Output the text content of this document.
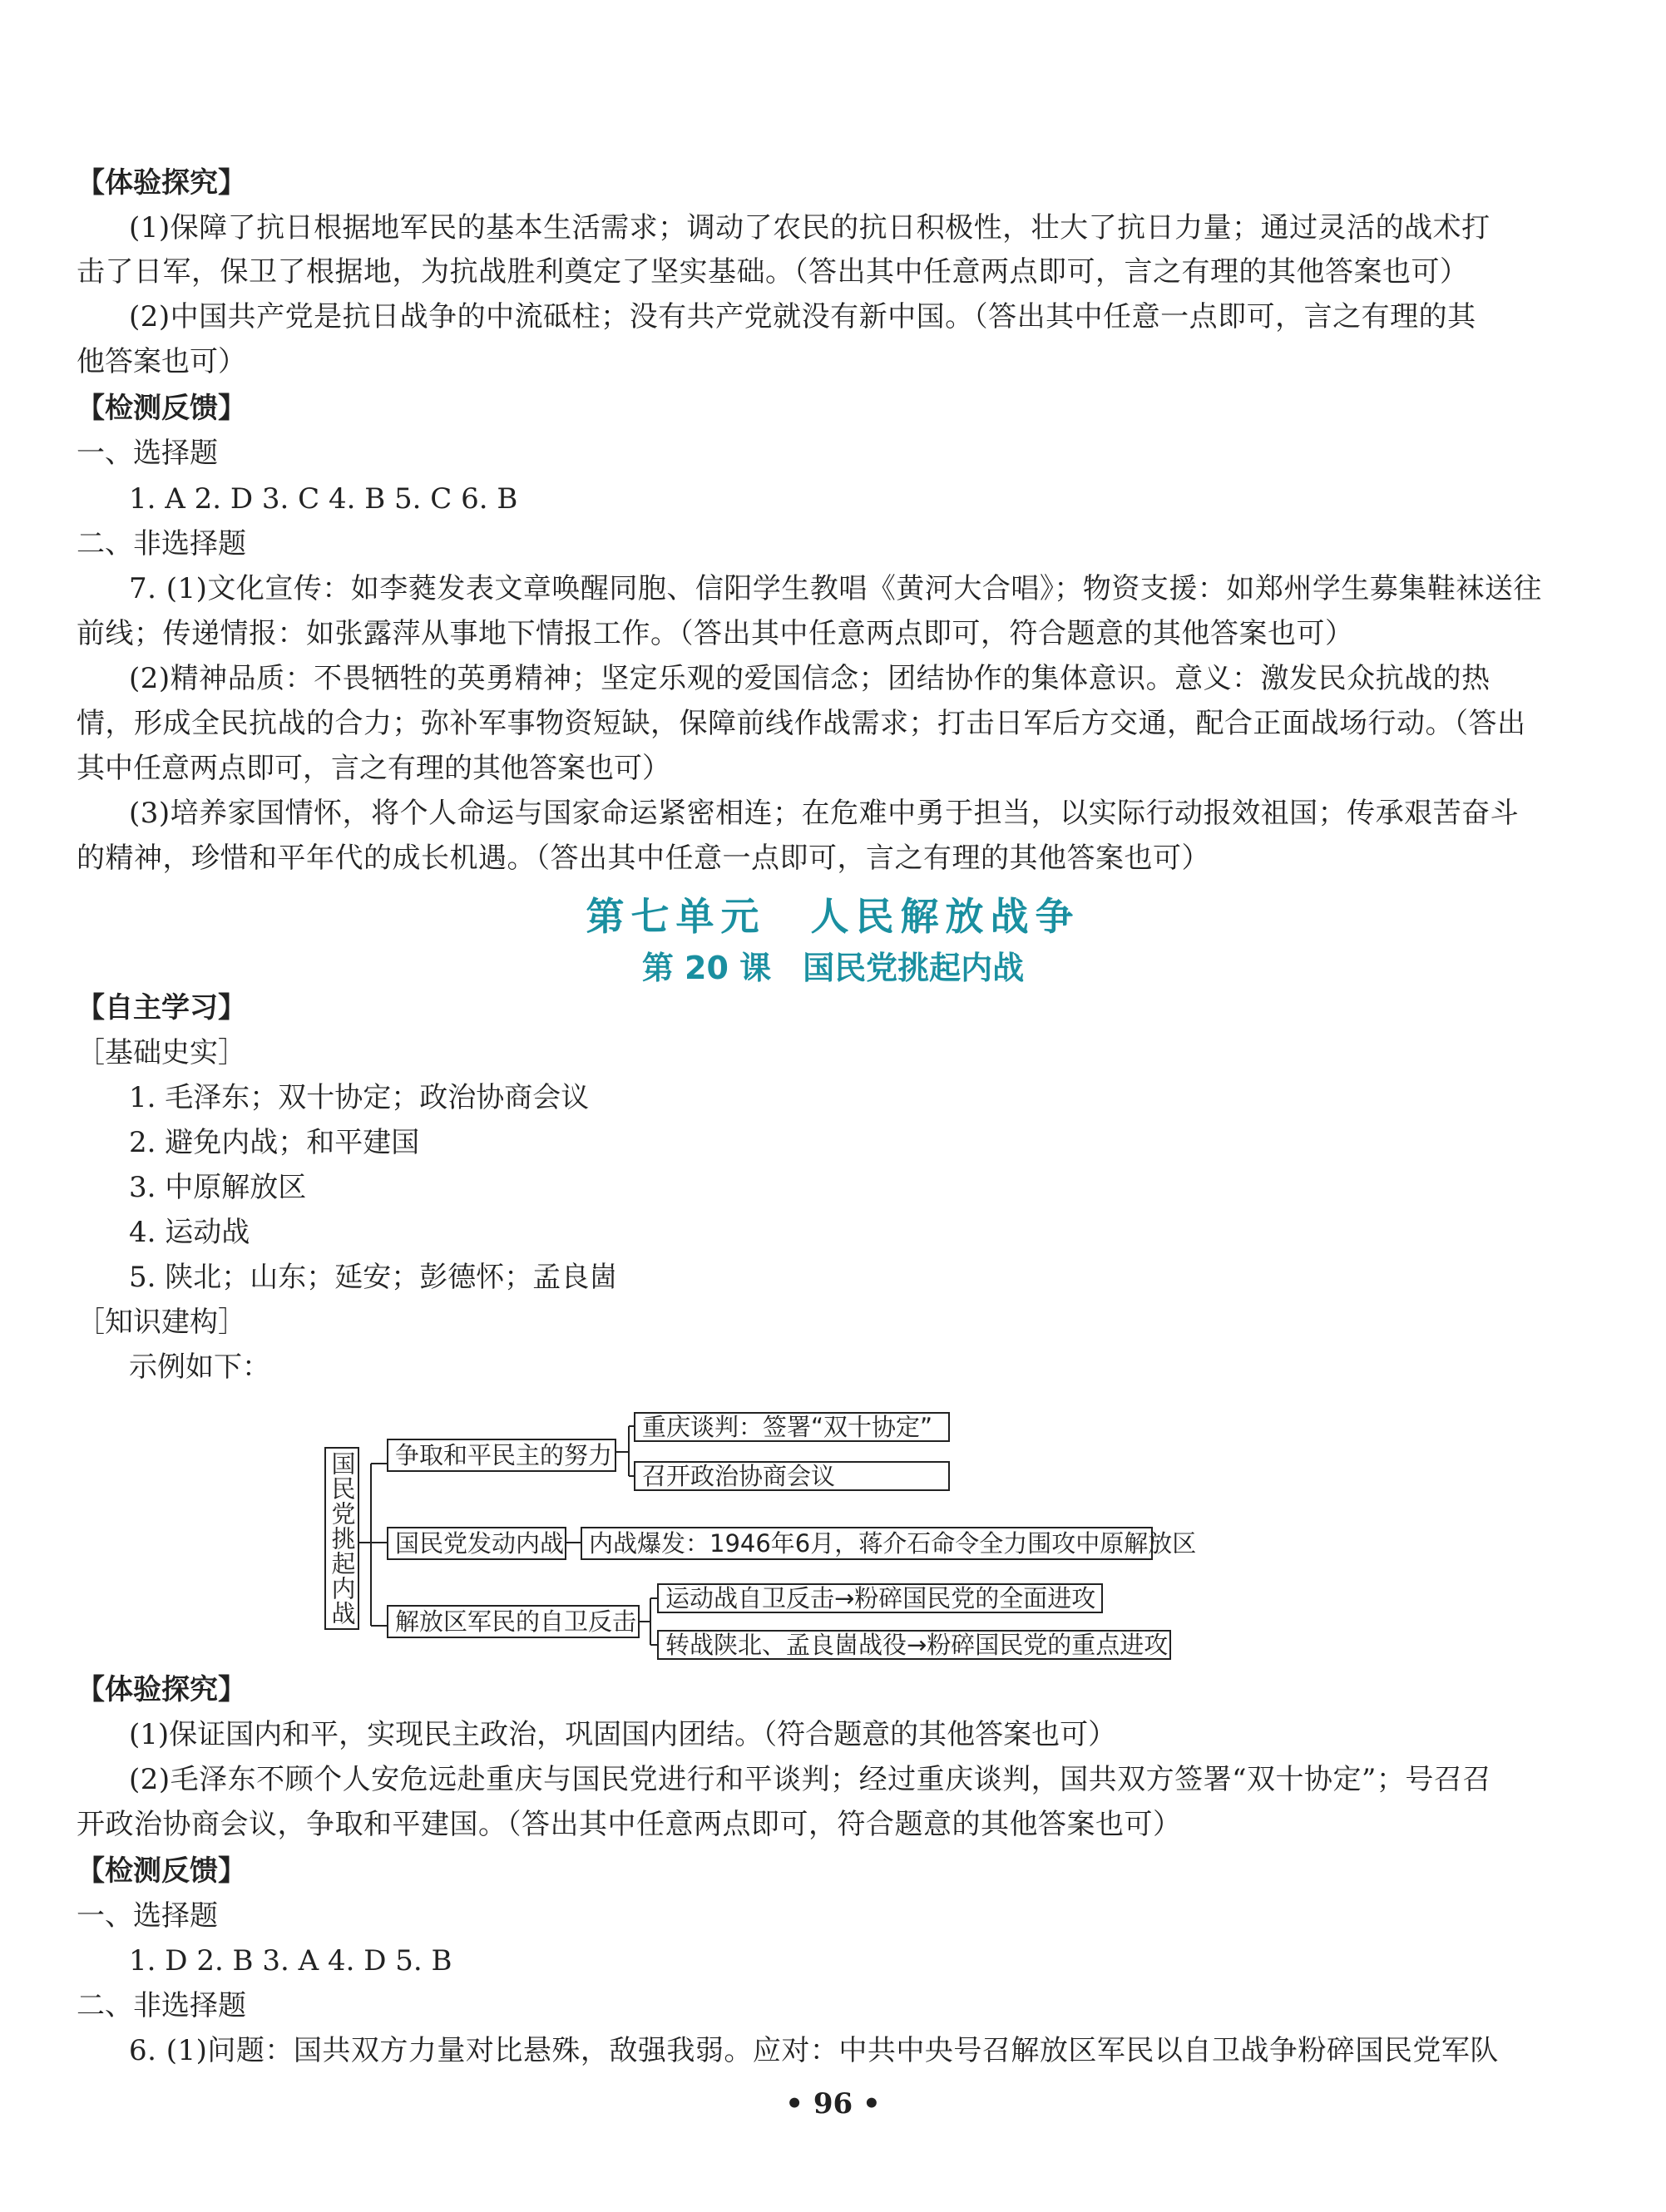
【体验探究】
(1)保障了抗日根据地军民的基本生活需求；调动了农民的抗日积极性，壮大了抗日力量；通过灵活的战术打
击了日军，保卫了根据地，为抗战胜利奠定了坚实基础。（答出其中任意两点即可，言之有理的其他答案也可）
(2)中国共产党是抗日战争的中流砥柱；没有共产党就没有新中国。（答出其中任意一点即可，言之有理的其
他答案也可）
【检测反馈】
一、选择题
1. A 2. D 3. C 4. B 5. C 6. B
二、非选择题
7. (1)文化宣传：如李蕤发表文章唤醒同胞、信阳学生教唱《黄河大合唱》；物资支援：如郑州学生募集鞋袜送往
前线；传递情报：如张露萍从事地下情报工作。（答出其中任意两点即可，符合题意的其他答案也可）
(2)精神品质：不畏牺牲的英勇精神；坚定乐观的爱国信念；团结协作的集体意识。意义：激发民众抗战的热
情，形成全民抗战的合力；弥补军事物资短缺，保障前线作战需求；打击日军后方交通，配合正面战场行动。（答出
其中任意两点即可，言之有理的其他答案也可）
(3)培养家国情怀，将个人命运与国家命运紧密相连；在危难中勇于担当，以实际行动报效祖国；传承艰苦奋斗
的精神，珍惜和平年代的成长机遇。（答出其中任意一点即可，言之有理的其他答案也可）
第七单元　人民解放战争
第 20 课　国民党挑起内战
【自主学习】
［基础史实］
1. 毛泽东；双十协定；政治协商会议
2. 避免内战；和平建国
3. 中原解放区
4. 运动战
5. 陕北；山东；延安；彭德怀；孟良崮
［知识建构］
示例如下：
国民党挑起内战	争取和平民主的努力
重庆谈判：签署“双十协定”
召开政治协商会议
国民党发动内战	内战爆发：1946年6月，蒋介石命令全力围攻中原解放区
解放区军民的自卫反击
运动战自卫反击→粉碎国民党的全面进攻
转战陕北、孟良崮战役→粉碎国民党的重点进攻
【体验探究】
(1)保证国内和平，实现民主政治，巩固国内团结。（符合题意的其他答案也可）
(2)毛泽东不顾个人安危远赴重庆与国民党进行和平谈判；经过重庆谈判，国共双方签署“双十协定”；号召召
开政治协商会议，争取和平建国。（答出其中任意两点即可，符合题意的其他答案也可）
【检测反馈】
一、选择题
1. D 2. B 3. A 4. D 5. B
二、非选择题
6. (1)问题：国共双方力量对比悬殊，敌强我弱。应对：中共中央号召解放区军民以自卫战争粉碎国民党军队
• 96 •
